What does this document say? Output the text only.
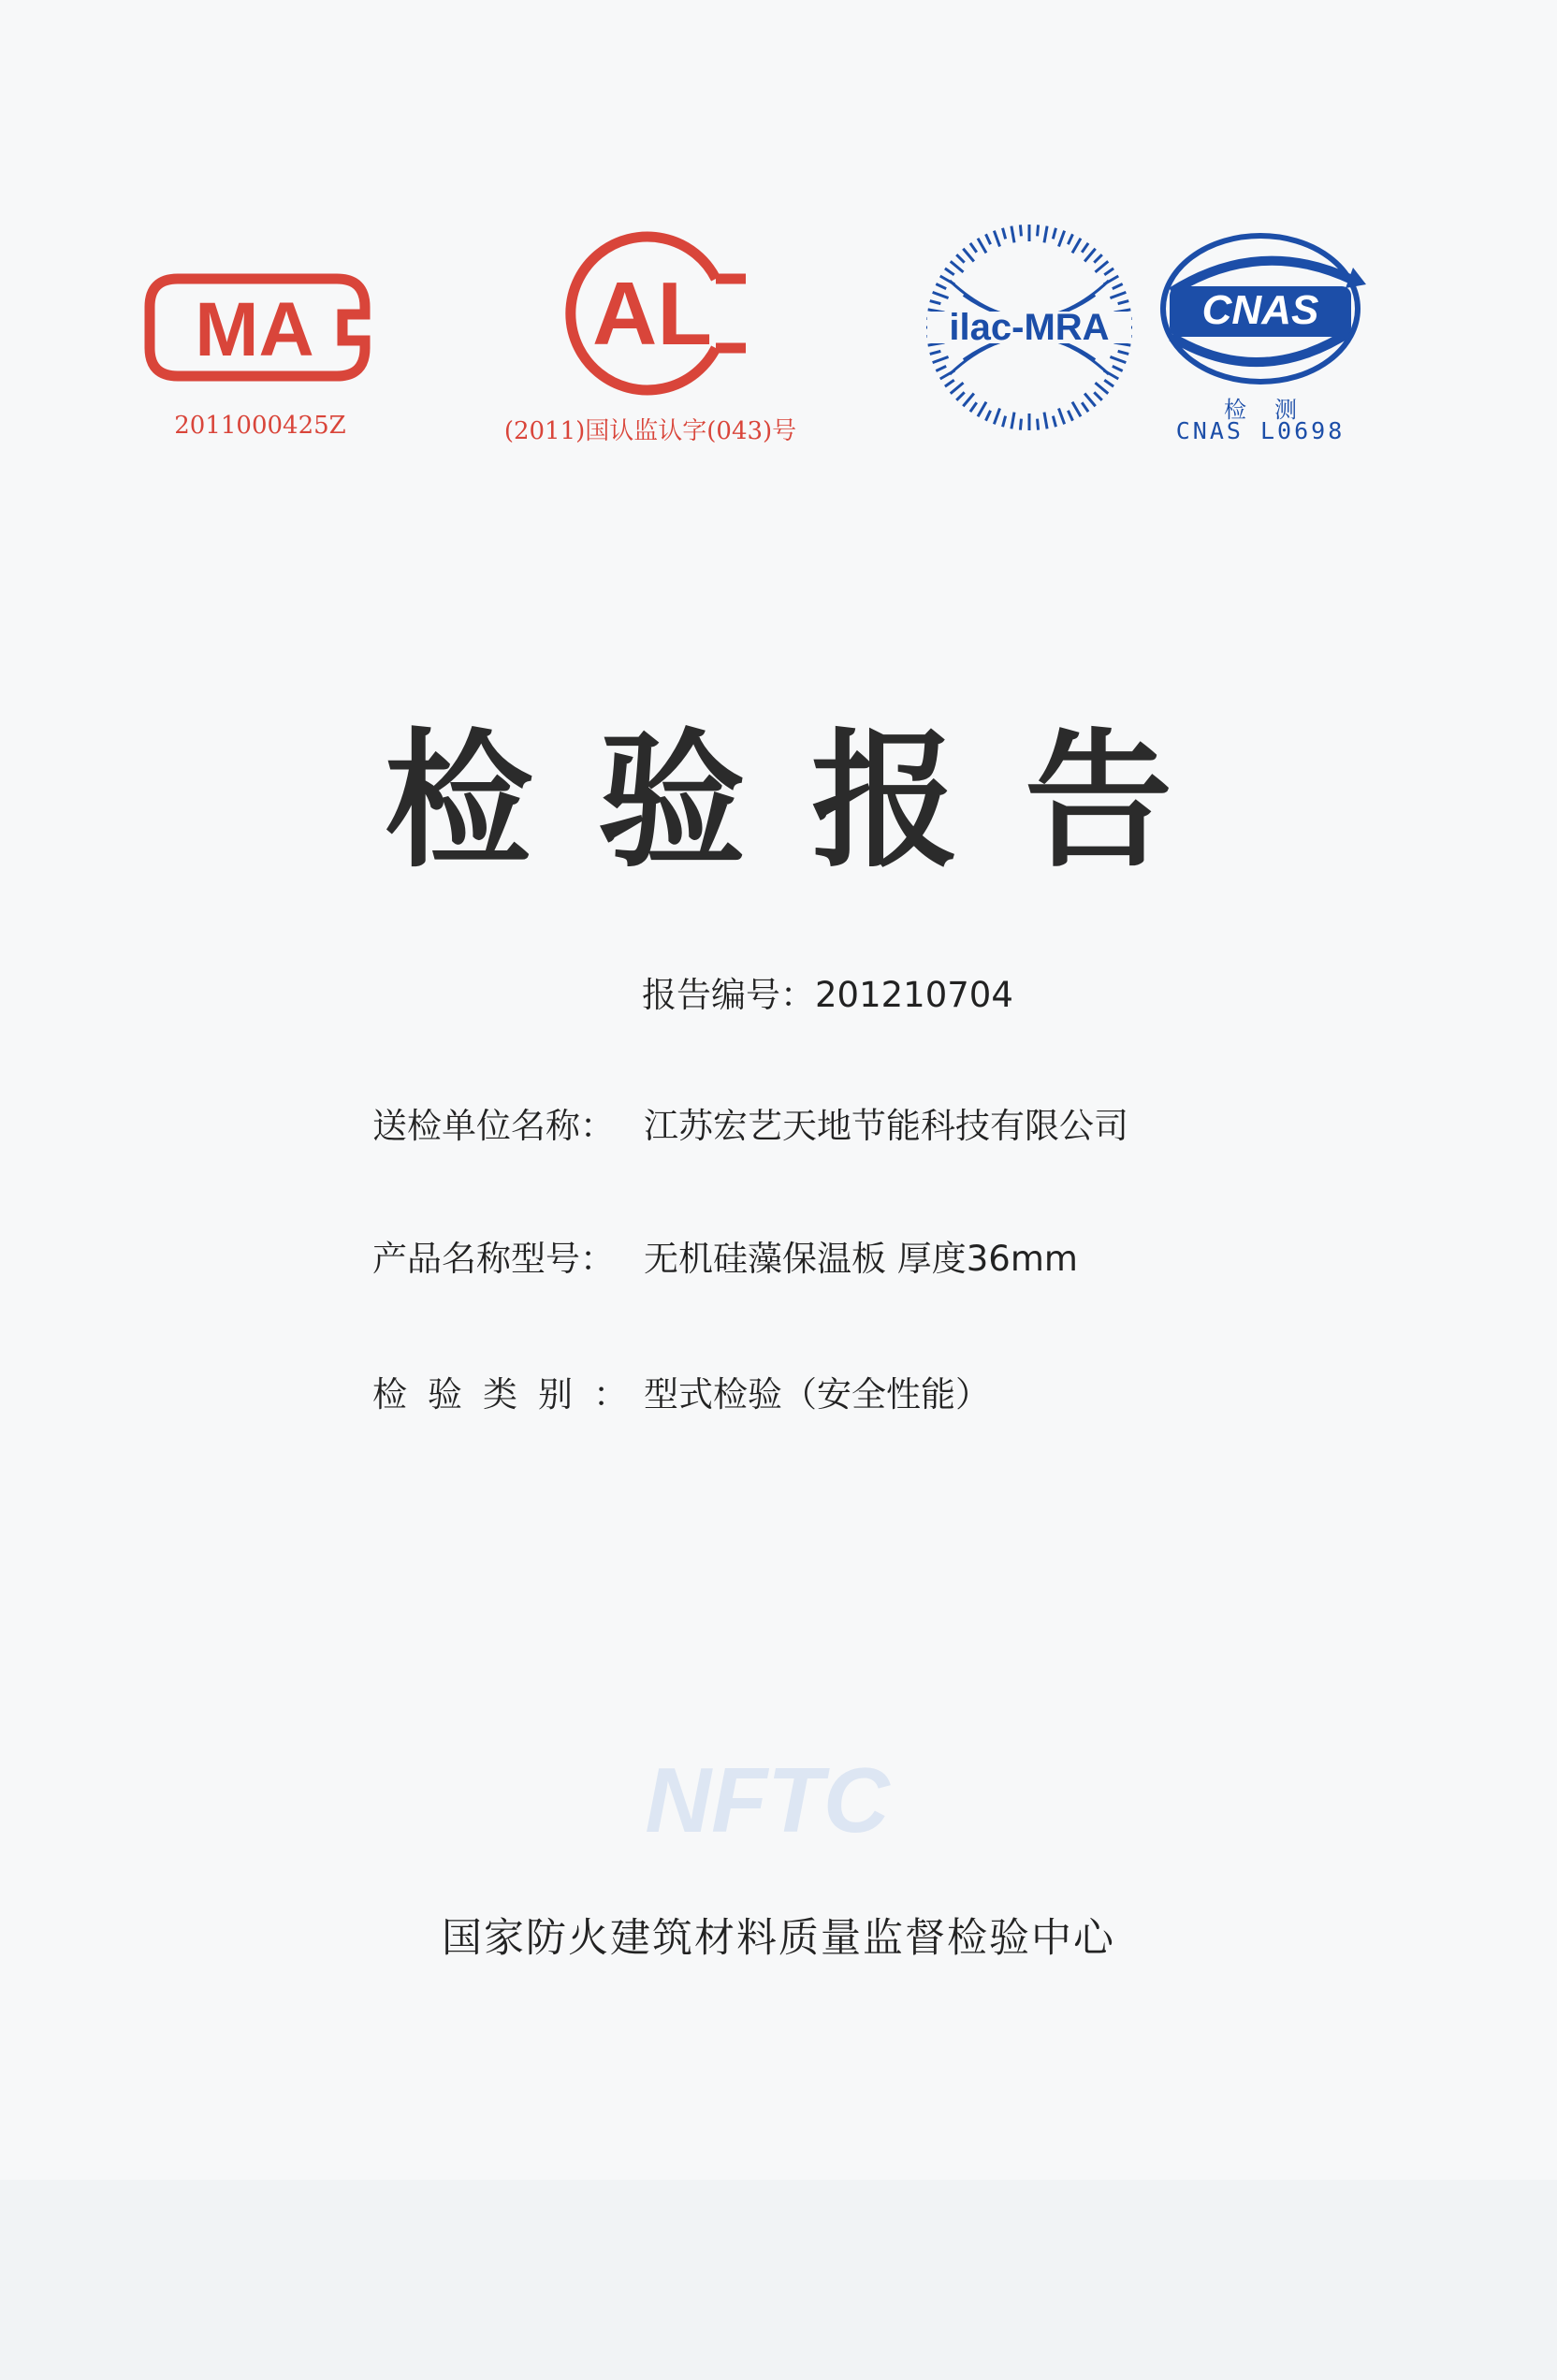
MA
2011000425Z
AL
(2011)国认监认字(043)号
ilac-MRA CNAS
检测
CNAS L0698
检验报告
报告编号：201210704
送检单位名称： 江苏宏艺天地节能科技有限公司
产品名称型号： 无机硅藻保温板 厚度36mm
检验类别：型式检验（安全性能）
NFTC
国家防火建筑材料质量监督检验中心
